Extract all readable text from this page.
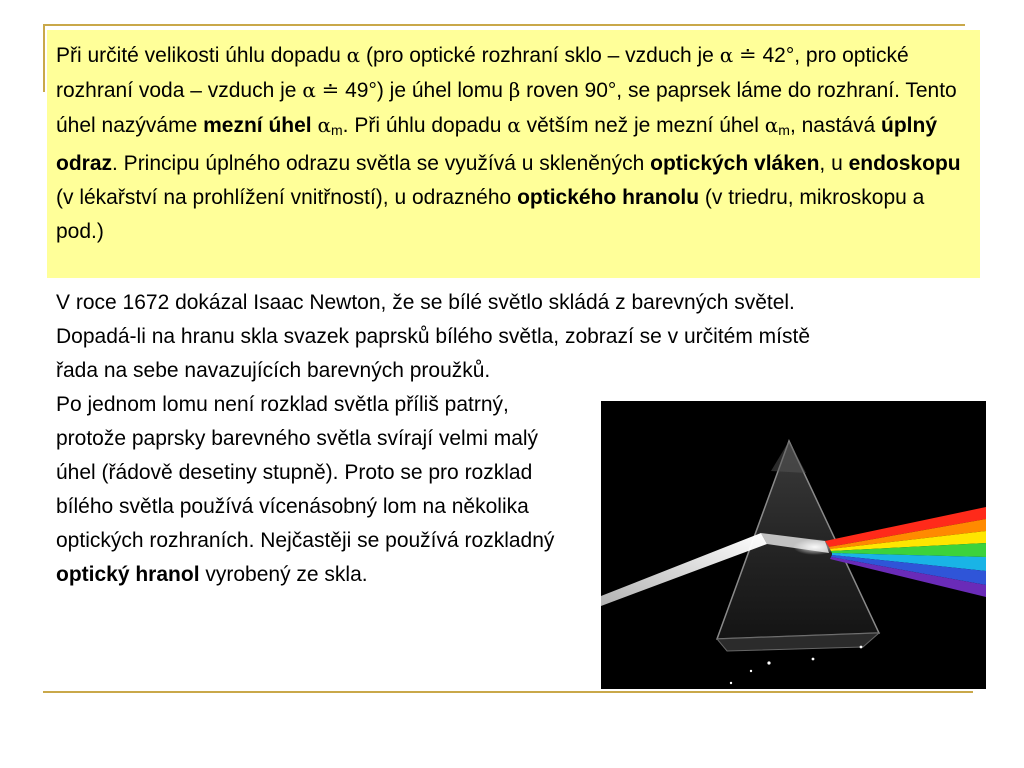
Při určité velikosti úhlu dopadu α (pro optické rozhraní sklo – vzduch je α ≐ 42°, pro optické rozhraní voda – vzduch je α ≐ 49°) je úhel lomu β roven 90°, se paprsek láme do rozhraní. Tento úhel nazýváme mezní úhel $\alpha_m$. Při úhlu dopadu α větším než je mezní úhel $\alpha_m$, nastává úplný odraz. Principu úplného odrazu světla se využívá u skleněných optických vláken, u endoskopu (v lékařství na prohlížení vnitřností), u odrazného optického hranolu (v triedru, mikroskopu a pod.)

V roce 1672 dokázal Isaac Newton, že se bílé světlo skládá z barevných světel. Dopadá-li na hranu skla svazek paprsků bílého světla, zobrazí se v určitém místě řada na sebe navazujících barevných proužků.

Po jednom lomu není rozklad světla příliš patrný, protože paprsky barevného světla svírají velmi malý úhel (řádově desetiny stupně). Proto se pro rozklad bílého světla používá vícenásobný lom na několika optických rozhraních. Nejčastěji se používá rozkladný optický hranol vyrobený ze skla.
